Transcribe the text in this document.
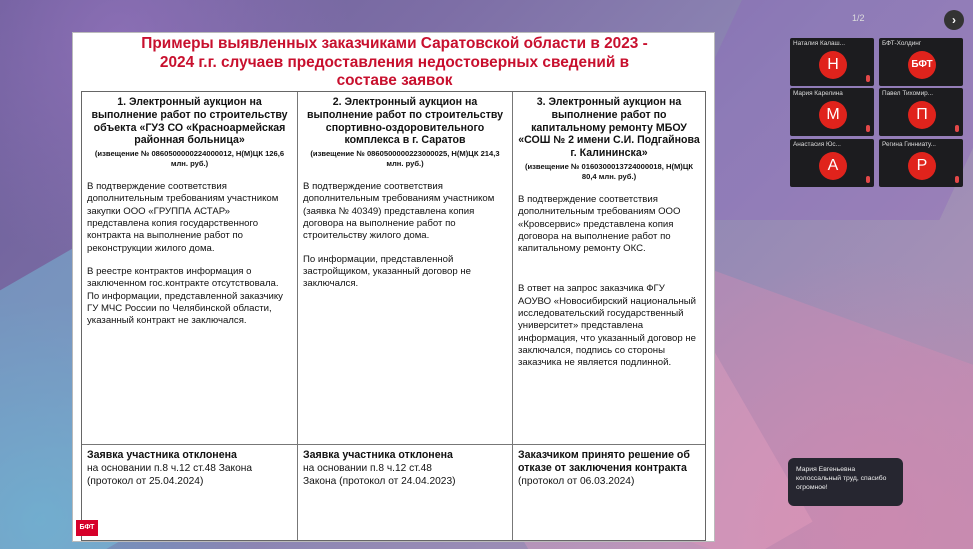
Примеры выявленных заказчиками Саратовской области в 2023 -
2024 г.г. случаев предоставления недостоверных сведений в
составе заявок
1. Электронный аукцион на выполнение работ по строительству объекта «ГУЗ СО «Красноармейская районная больница»
(извещение № 0860500000224000012, Н(М)ЦК 126,6 млн. руб.)
В подтверждение соответствия дополнительным требованиям участником закупки ООО «ГРУППА АСТАР» представлена копия государственного контракта на выполнение работ по реконструкции жилого дома.
В реестре контрактов информация о заключенном гос.контракте отсутствовала.
По информации, представленной заказчику ГУ МЧС России по Челябинской области, указанный контракт не заключался.
2. Электронный аукцион на выполнение работ по строительству спортивно-оздоровительного комплекса в г. Саратов
(извещение № 0860500000223000025, Н(М)ЦК 214,3 млн. руб.)
В подтверждение соответствия дополнительным требованиям участником (заявка № 40349) представлена копия договора на выполнение работ по строительству жилого дома.
По информации, представленной застройщиком, указанный договор не заключался.
3. Электронный аукцион на выполнение работ по капитальному ремонту МБОУ «СОШ № 2 имени С.И. Подгайнова г. Калининска»
(извещение № 0160300013724000018, Н(М)ЦК 80,4 млн. руб.)
В подтверждение соответствия дополнительным требованиям ООО «Кровсервис» представлена копия договора на выполнение работ по капитальному ремонту ОКС.
В ответ на запрос заказчика ФГУ АОУВО «Новосибирский национальный исследовательский государственный университет» представлена информация, что указанный договор не заключался, подпись со стороны заказчика не является подлинной.
Заявка участника отклонена
на основании п.8 ч.12 ст.48 Закона
(протокол от 25.04.2024)
Заявка участника отклонена
на основании п.8 ч.12 ст.48
Закона (протокол от 24.04.2023)
Заказчиком принято решение об отказе от заключения контракта
(протокол от 06.03.2024)
БФТ
1/2	›
Наталия Калаш...
Н
БФТ-Холдинг
БФТ
Мария Карелина
М
Павел Тихомир...
П
Анастасия Юс...
А
Регина Гинниату...
Р
Мария Евгеньевна колоссальный труд, спасибо огромное!
